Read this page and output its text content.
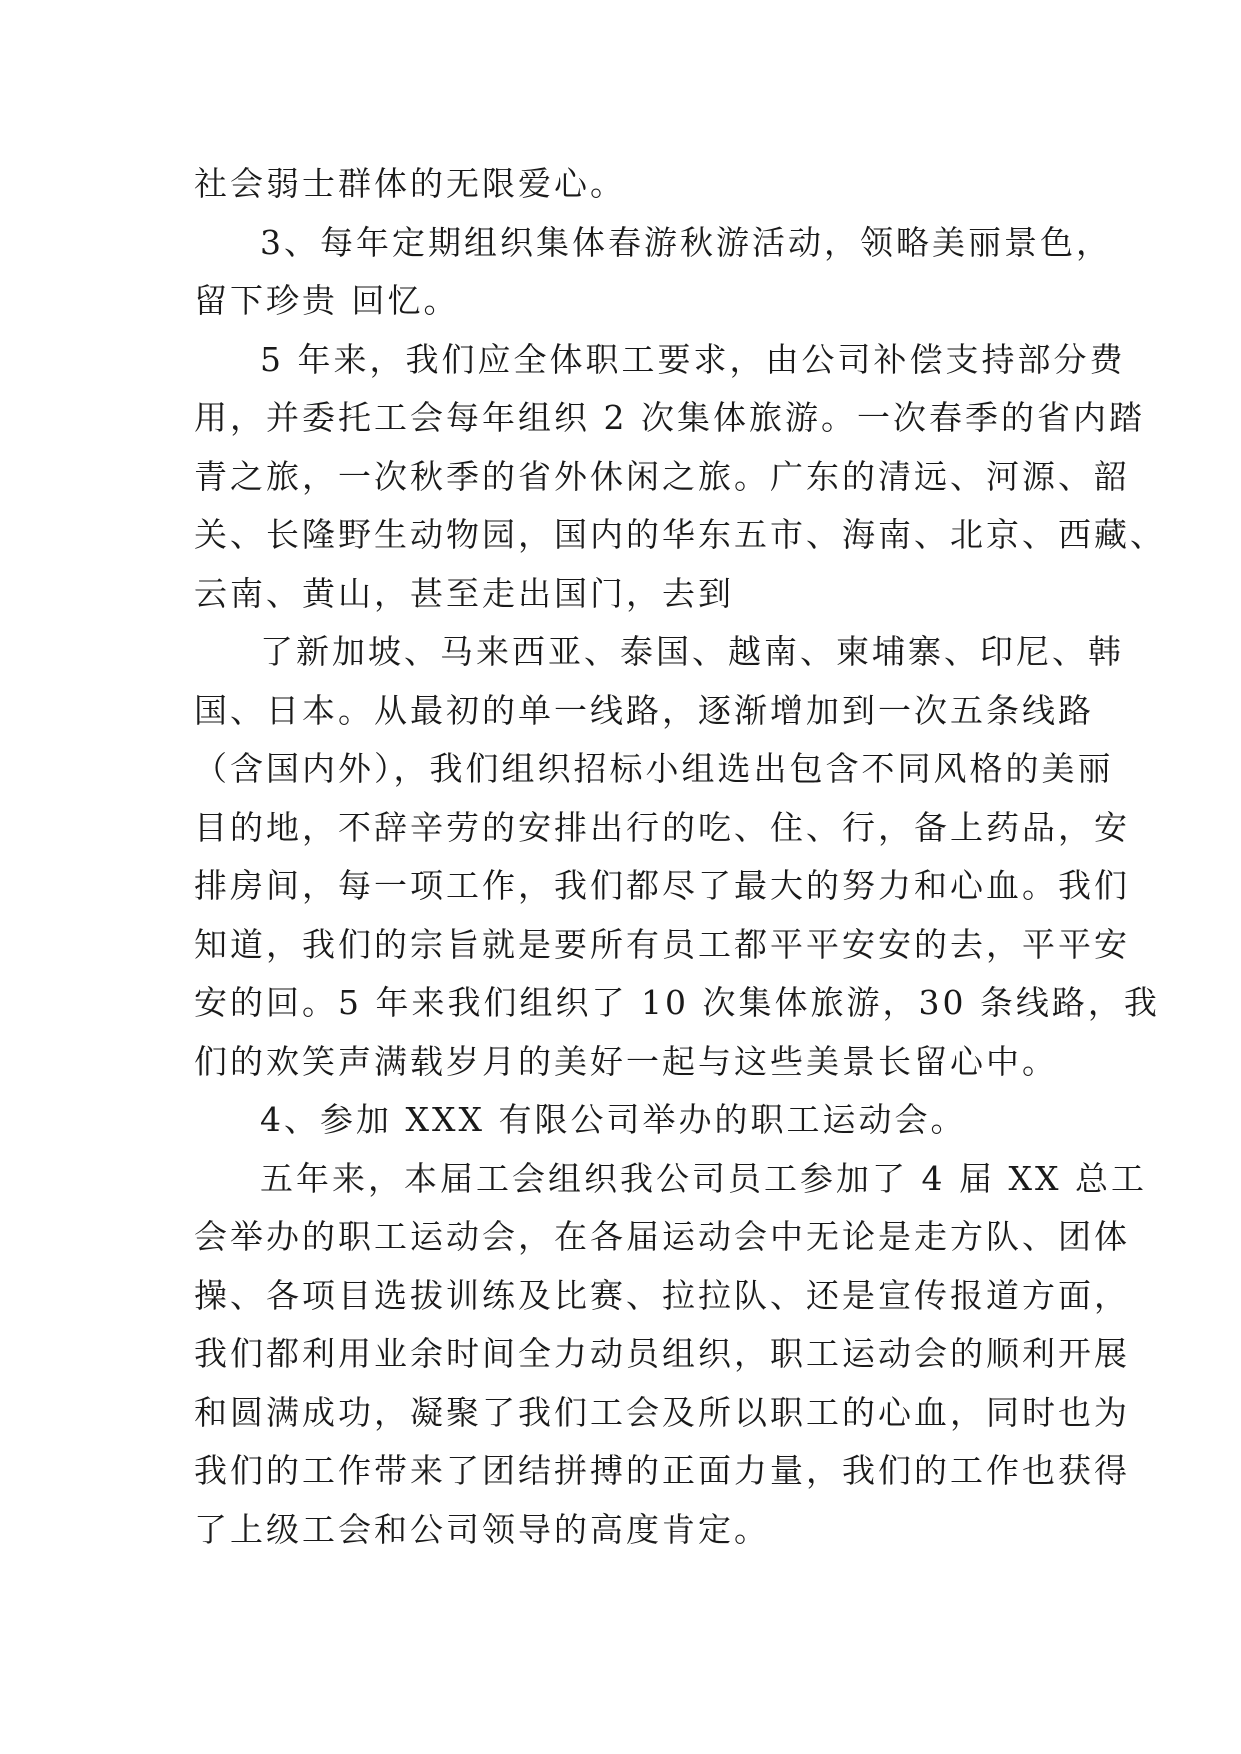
社会弱士群体的无限爱心。
3、每年定期组织集体春游秋游活动，领略美丽景色，
留下珍贵 回忆。
5 年来，我们应全体职工要求，由公司补偿支持部分费
用，并委托工会每年组织 2 次集体旅游。一次春季的省内踏
青之旅，一次秋季的省外休闲之旅。广东的清远、河源、韶
关、长隆野生动物园，国内的华东五市、海南、北京、西藏、
云南、黄山，甚至走出国门，去到
了新加坡、马来西亚、泰国、越南、柬埔寨、印尼、韩
国、日本。从最初的单一线路，逐渐增加到一次五条线路
（含国内外），我们组织招标小组选出包含不同风格的美丽
目的地，不辞辛劳的安排出行的吃、住、行，备上药品，安
排房间，每一项工作，我们都尽了最大的努力和心血。我们
知道，我们的宗旨就是要所有员工都平平安安的去，平平安
安的回。5 年来我们组织了 10 次集体旅游，30 条线路，我
们的欢笑声满载岁月的美好一起与这些美景长留心中。
4、参加 XXX 有限公司举办的职工运动会。
五年来，本届工会组织我公司员工参加了 4 届 XX 总工
会举办的职工运动会，在各届运动会中无论是走方队、团体
操、各项目选拔训练及比赛、拉拉队、还是宣传报道方面，
我们都利用业余时间全力动员组织，职工运动会的顺利开展
和圆满成功，凝聚了我们工会及所以职工的心血，同时也为
我们的工作带来了团结拼搏的正面力量，我们的工作也获得
了上级工会和公司领导的高度肯定。
